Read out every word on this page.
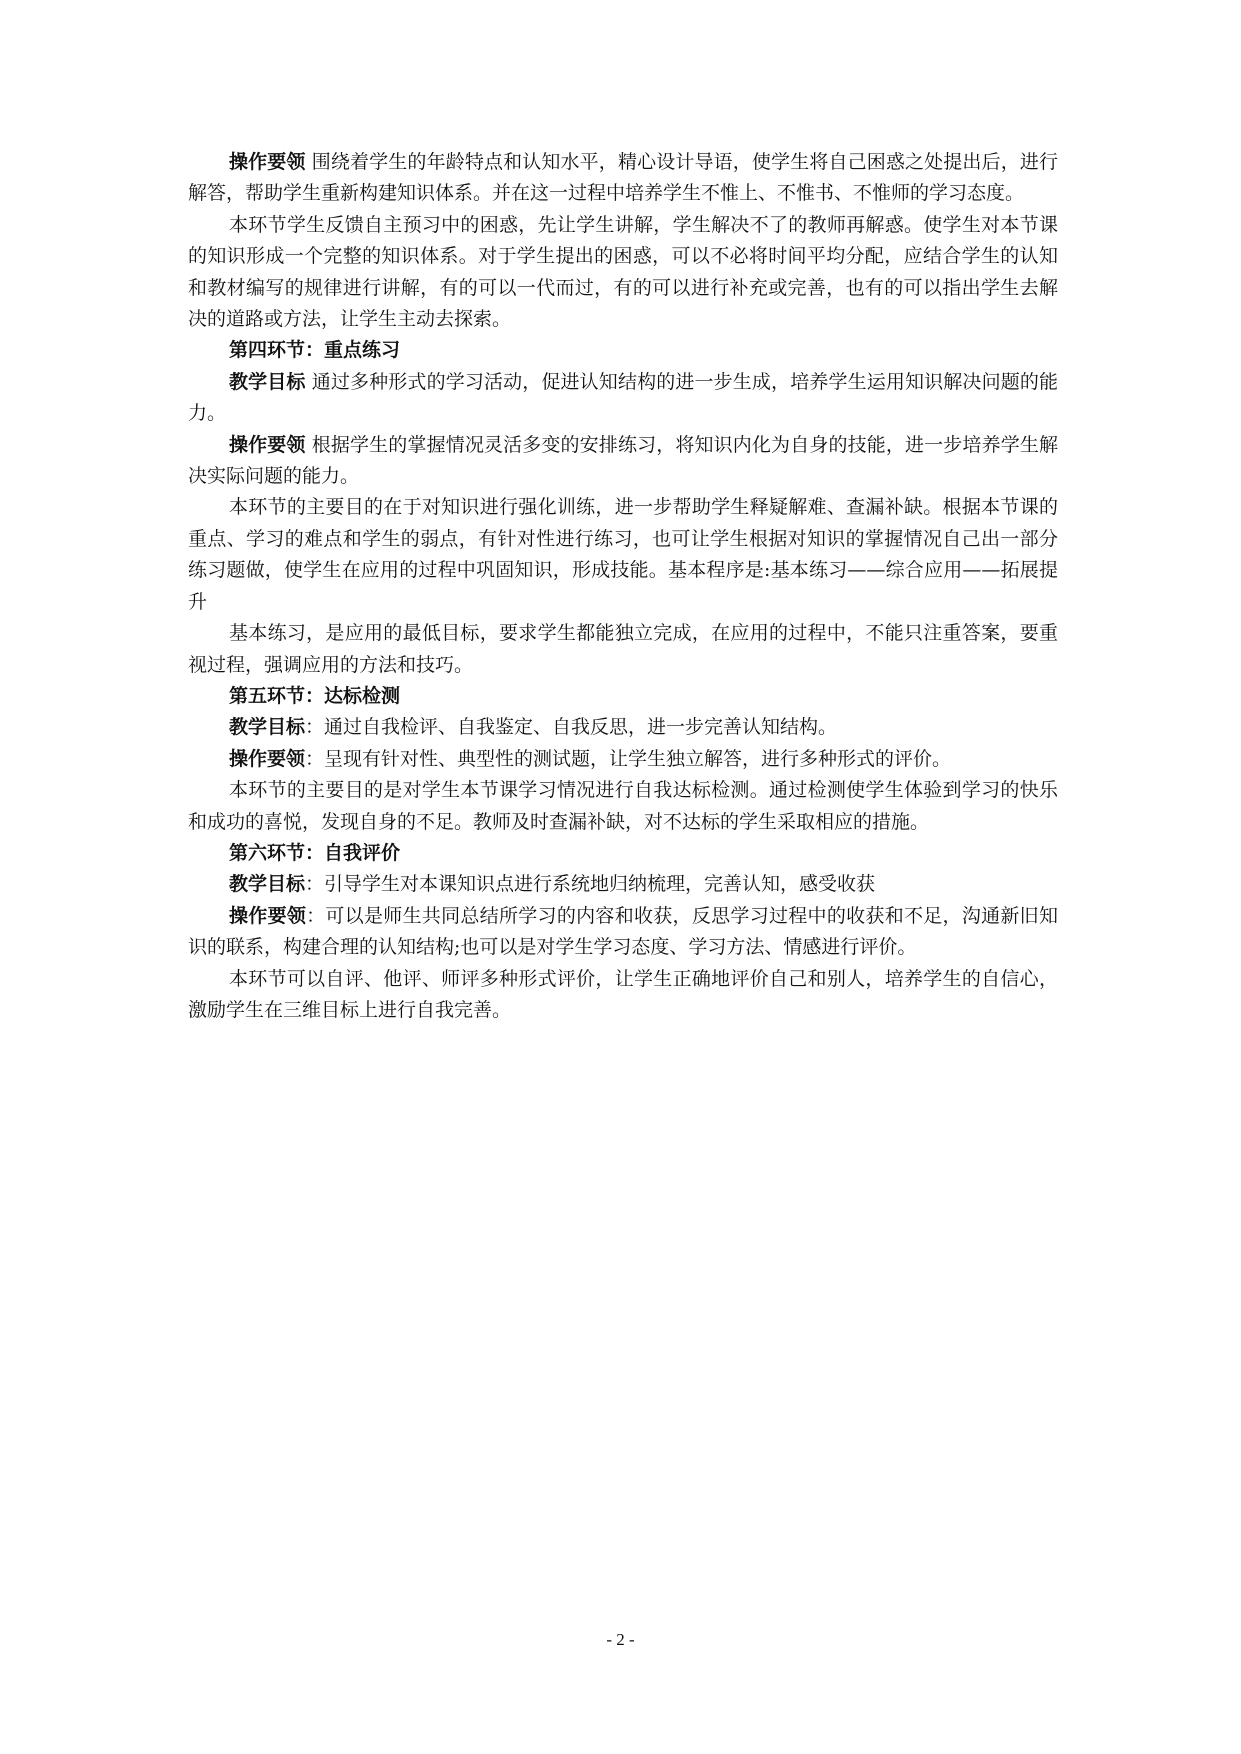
操作要领 围绕着学生的年龄特点和认知水平，精心设计导语，使学生将自己困惑之处提出后，进行解答，帮助学生重新构建知识体系。并在这一过程中培养学生不惟上、不惟书、不惟师的学习态度。

本环节学生反馈自主预习中的困惑，先让学生讲解，学生解决不了的教师再解惑。使学生对本节课的知识形成一个完整的知识体系。对于学生提出的困惑，可以不必将时间平均分配，应结合学生的认知和教材编写的规律进行讲解，有的可以一代而过，有的可以进行补充或完善，也有的可以指出学生去解决的道路或方法，让学生主动去探索。

第四环节：重点练习

教学目标 通过多种形式的学习活动，促进认知结构的进一步生成，培养学生运用知识解决问题的能力。

操作要领 根据学生的掌握情况灵活多变的安排练习，将知识内化为自身的技能，进一步培养学生解决实际问题的能力。

本环节的主要目的在于对知识进行强化训练，进一步帮助学生释疑解难、查漏补缺。根据本节课的重点、学习的难点和学生的弱点，有针对性进行练习，也可让学生根据对知识的掌握情况自己出一部分练习题做，使学生在应用的过程中巩固知识，形成技能。基本程序是:基本练习——综合应用——拓展提升

基本练习，是应用的最低目标，要求学生都能独立完成，在应用的过程中，不能只注重答案，要重视过程，强调应用的方法和技巧。

第五环节：达标检测

教学目标：通过自我检评、自我鉴定、自我反思，进一步完善认知结构。

操作要领：呈现有针对性、典型性的测试题，让学生独立解答，进行多种形式的评价。

本环节的主要目的是对学生本节课学习情况进行自我达标检测。通过检测使学生体验到学习的快乐和成功的喜悦，发现自身的不足。教师及时查漏补缺，对不达标的学生采取相应的措施。

第六环节：自我评价

教学目标：引导学生对本课知识点进行系统地归纳梳理，完善认知，感受收获

操作要领：可以是师生共同总结所学习的内容和收获，反思学习过程中的收获和不足，沟通新旧知识的联系，构建合理的认知结构;也可以是对学生学习态度、学习方法、情感进行评价。

本环节可以自评、他评、师评多种形式评价，让学生正确地评价自己和别人，培养学生的自信心，激励学生在三维目标上进行自我完善。

- 2 -
